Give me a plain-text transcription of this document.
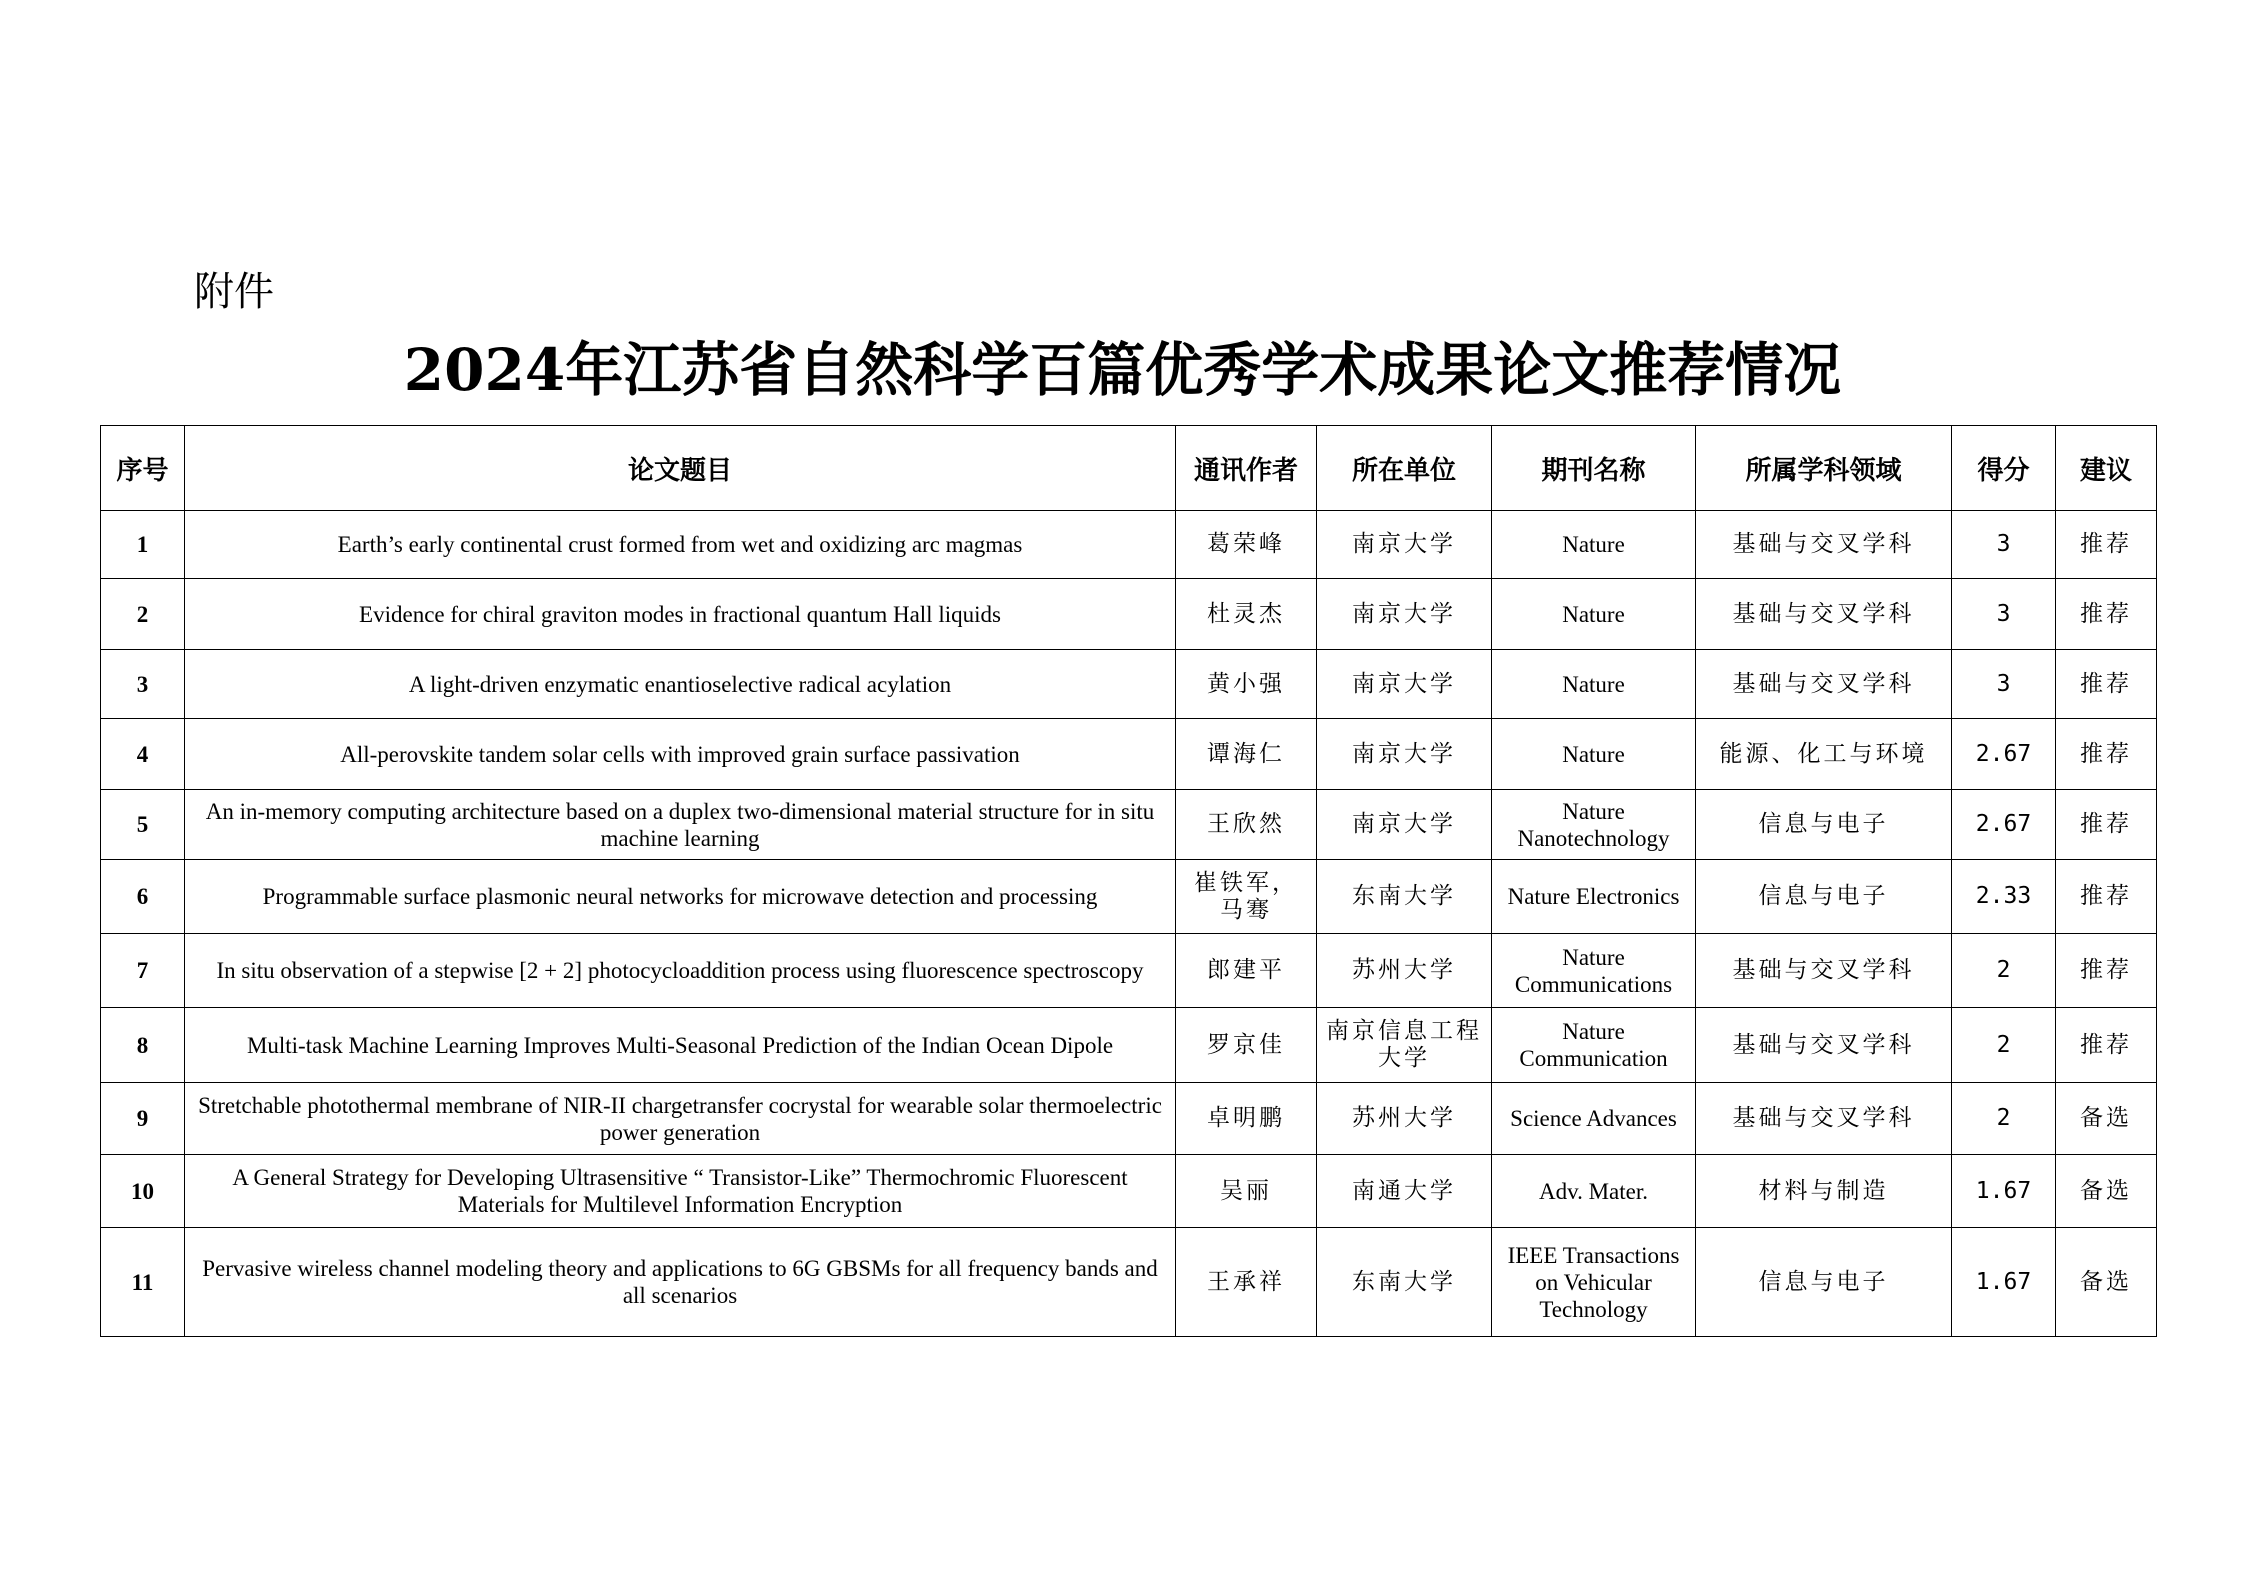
附件
2024年江苏省自然科学百篇优秀学术成果论文推荐情况
序号	论文题目	通讯作者	所在单位	期刊名称	所属学科领域	得分	建议
1	Earth’s early continental crust formed from wet and oxidizing arc magmas	葛荣峰	南京大学	Nature	基础与交叉学科	3	推荐
2	Evidence for chiral graviton modes in fractional quantum Hall liquids	杜灵杰	南京大学	Nature	基础与交叉学科	3	推荐
3	A light-driven enzymatic enantioselective radical acylation	黄小强	南京大学	Nature	基础与交叉学科	3	推荐
4	All-perovskite tandem solar cells with improved grain surface passivation	谭海仁	南京大学	Nature	能源、化工与环境	2.67	推荐
5	An in-memory computing architecture based on a duplex two-dimensional material structure for in situ machine learning	王欣然	南京大学	Nature Nanotechnology	信息与电子	2.67	推荐
6	Programmable surface plasmonic neural networks for microwave detection and processing	崔铁军，马骞	东南大学	Nature Electronics	信息与电子	2.33	推荐
7	In situ observation of a stepwise [2 + 2] photocycloaddition process using fluorescence spectroscopy	郎建平	苏州大学	Nature Communications	基础与交叉学科	2	推荐
8	Multi-task Machine Learning Improves Multi-Seasonal Prediction of the Indian Ocean Dipole	罗京佳	南京信息工程大学	Nature Communication	基础与交叉学科	2	推荐
9	Stretchable photothermal membrane of NIR-II chargetransfer cocrystal for wearable solar thermoelectric power generation	卓明鹏	苏州大学	Science Advances	基础与交叉学科	2	备选
10	A General Strategy for Developing Ultrasensitive “ Transistor-Like” Thermochromic Fluorescent Materials for Multilevel Information Encryption	吴丽	南通大学	Adv. Mater.	材料与制造	1.67	备选
11	Pervasive wireless channel modeling theory and applications to 6G GBSMs for all frequency bands and all scenarios	王承祥	东南大学	IEEE Transactions on Vehicular Technology	信息与电子	1.67	备选
